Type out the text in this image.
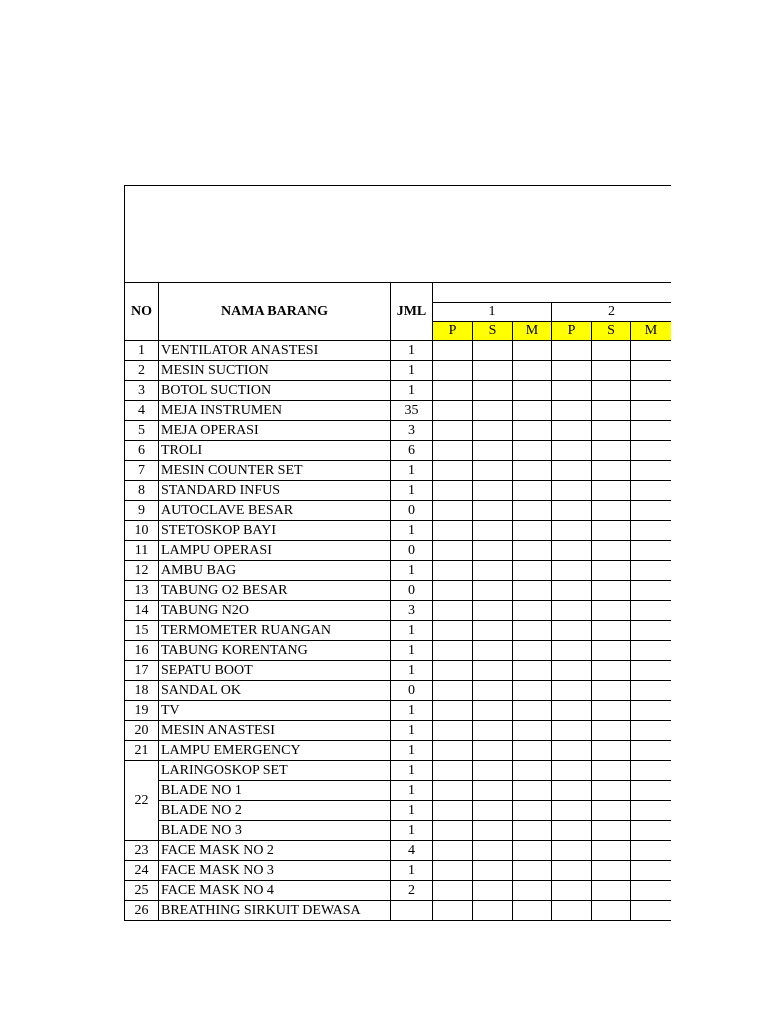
NO	NAMA BARANG	JML						
			1			2		
			P	S	M	P	S	M
1	VENTILATOR ANASTESI	1						
2	MESIN SUCTION	1						
3	BOTOL SUCTION	1						
4	MEJA INSTRUMEN	35						
5	MEJA OPERASI	3						
6	TROLI	6						
7	MESIN COUNTER SET	1						
8	STANDARD INFUS	1						
9	AUTOCLAVE BESAR	0						
10	STETOSKOP BAYI	1						
11	LAMPU OPERASI	0						
12	AMBU BAG	1						
13	TABUNG O2 BESAR	0						
14	TABUNG N2O	3						
15	TERMOMETER RUANGAN	1						
16	TABUNG KORENTANG	1						
17	SEPATU BOOT	1						
18	SANDAL OK	0						
19	TV	1						
20	MESIN ANASTESI	1						
21	LAMPU EMERGENCY	1						
22	LARINGOSKOP SET	1						
	BLADE NO 1	1						
	BLADE NO 2	1						
	BLADE NO 3	1						
23	FACE MASK NO 2	4						
24	FACE MASK NO 3	1						
25	FACE MASK NO 4	2						
26	BREATHING SIRKUIT DEWASA							
